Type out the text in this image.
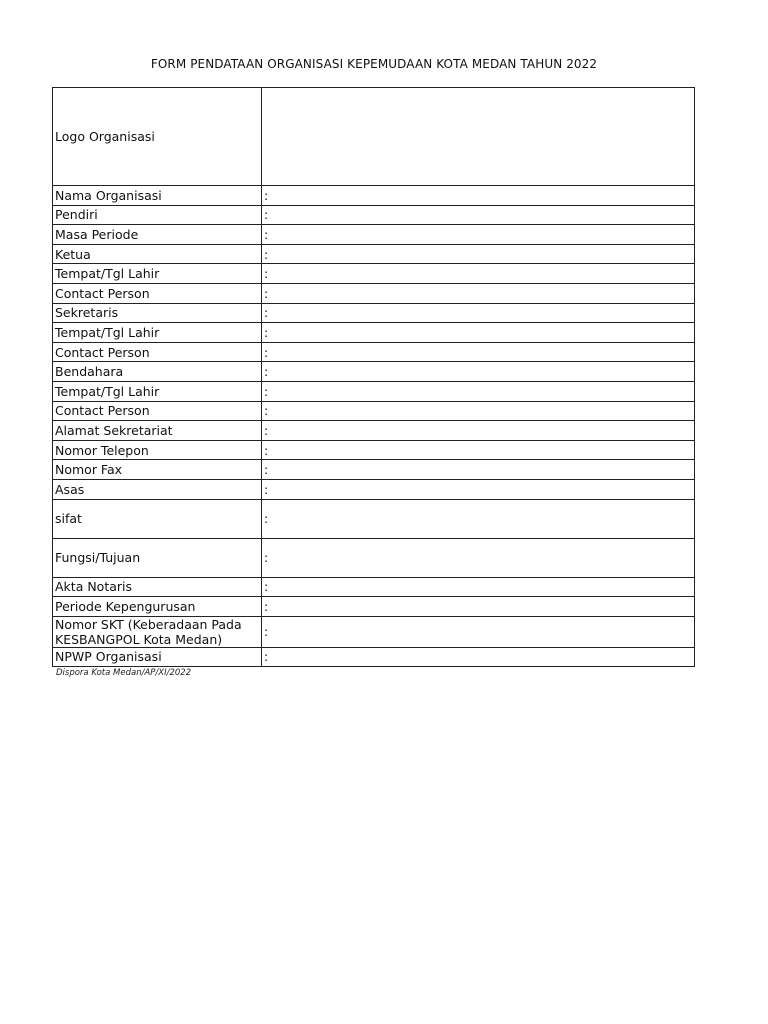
FORM PENDATAAN ORGANISASI KEPEMUDAAN KOTA MEDAN TAHUN 2022
Logo Organisasi	
Nama Organisasi	:
Pendiri	:
Masa Periode	:
Ketua	:
Tempat/Tgl Lahir	:
Contact Person	:
Sekretaris	:
Tempat/Tgl Lahir	:
Contact Person	:
Bendahara	:
Tempat/Tgl Lahir	:
Contact Person	:
Alamat Sekretariat	:
Nomor Telepon	:
Nomor Fax	:
Asas	:
sifat	:
Fungsi/Tujuan	:
Akta Notaris	:
Periode Kepengurusan	:
Nomor SKT (Keberadaan Pada KESBANGPOL Kota Medan)	:
NPWP Organisasi	:
Dispora Kota Medan/AP/XI/2022
